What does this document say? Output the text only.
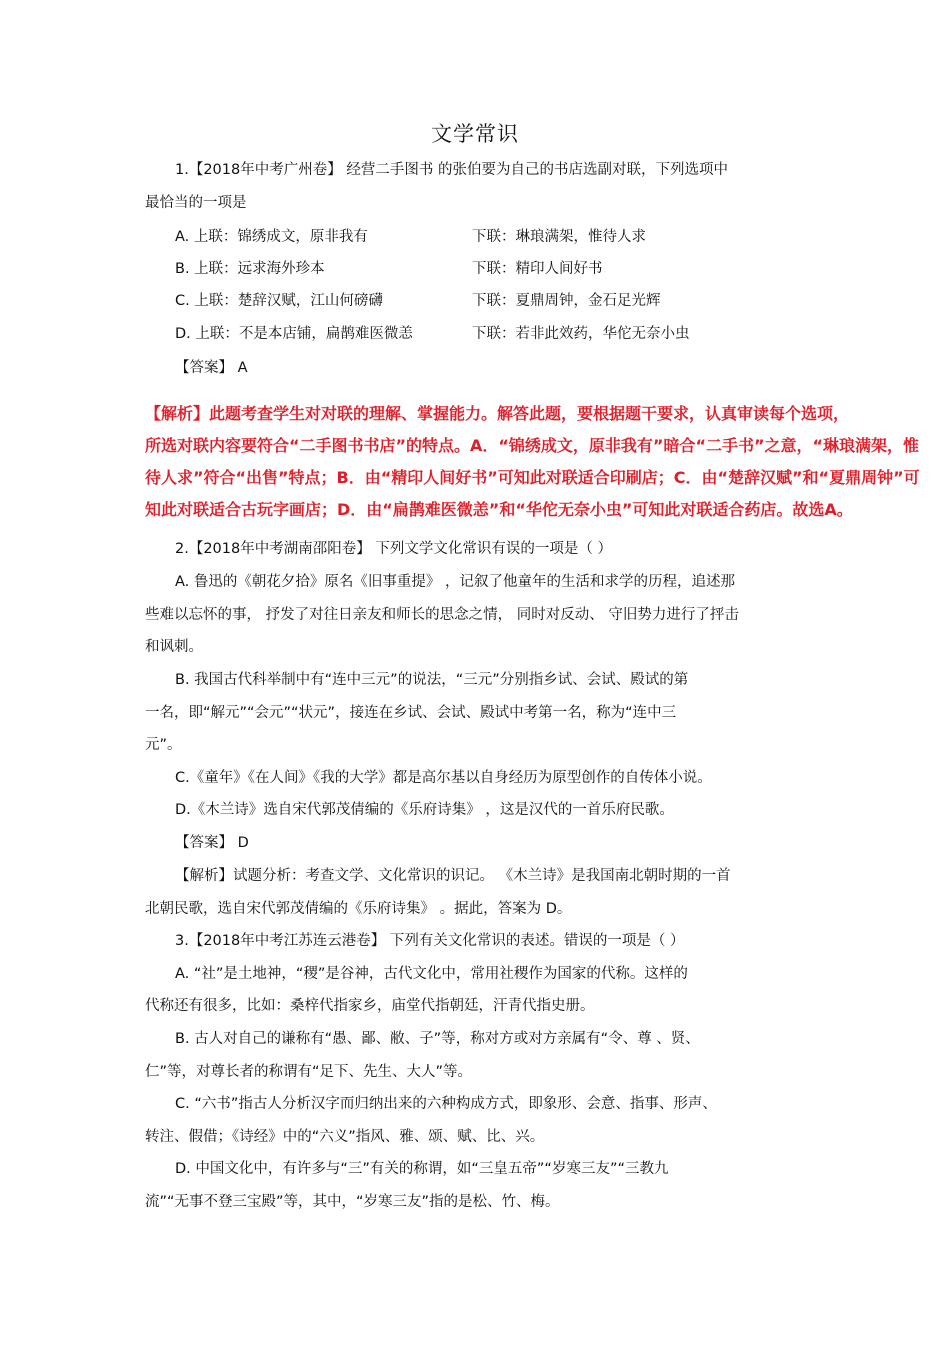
文学常识
1.【2018年中考广州卷】 经营二手图书 的张伯要为自己的书店选副对联，下列选项中
最恰当的一项是
A. 上联：锦绣成文，原非我有	下联：琳琅满架，惟待人求
B. 上联：远求海外珍本	下联：精印人间好书
C. 上联：楚辞汉赋，江山何磅礴	下联：夏鼎周钟，金石足光辉
D. 上联：不是本店铺，扁鹊难医微恙	下联：若非此效药，华佗无奈小虫
【答案】 A
【解析】此题考查学生对对联的理解、掌握能力。解答此题，要根据题干要求，认真审读每个选项，
所选对联内容要符合“二手图书书店”的特点。A．“锦绣成文，原非我有”暗合“二手书”之意，“琳琅满架，惟
待人求”符合“出售”特点；B．由“精印人间好书”可知此对联适合印刷店；C．由“楚辞汉赋”和“夏鼎周钟”可
知此对联适合古玩字画店；D．由“扁鹊难医微恙”和“华佗无奈小虫”可知此对联适合药店。故选A。
2.【2018年中考湖南邵阳卷】 下列文学文化常识有误的一项是（ ）
A. 鲁迅的《朝花夕拾》原名《旧事重提》 ，记叙了他童年的生活和求学的历程，追述那
些难以忘怀的事， 抒发了对往日亲友和师长的思念之情， 同时对反动、 守旧势力进行了抨击
和讽刺。
B. 我国古代科举制中有“连中三元”的说法，“三元”分别指乡试、会试、殿试的第
一名，即“解元”“会元”“状元”，接连在乡试、会试、殿试中考第一名，称为“连中三
元”。
C.《童年》《在人间》《我的大学》都是高尔基以自身经历为原型创作的自传体小说。
D.《木兰诗》选自宋代郭茂倩编的《乐府诗集》 ，这是汉代的一首乐府民歌。
【答案】 D
【解析】试题分析：考查文学、文化常识的识记。 《木兰诗》是我国南北朝时期的一首
北朝民歌，选自宋代郭茂倩编的《乐府诗集》 。据此，答案为 D。
3.【2018年中考江苏连云港卷】 下列有关文化常识的表述。错误的一项是（ ）
A. “社”是土地神，“稷”是谷神，古代文化中，常用社稷作为国家的代称。这样的
代称还有很多，比如：桑梓代指家乡，庙堂代指朝廷，汗青代指史册。
B. 古人对自己的谦称有“愚、鄙、敝、子”等，称对方或对方亲属有“令、尊 、贤、
仁”等，对尊长者的称谓有“足下、先生、大人”等。
C. “六书”指古人分析汉字而归纳出来的六种构成方式，即象形、会意、指事、形声、
转注、假借；《诗经》中的“六义”指风、雅、颂、赋、比、兴。
D. 中国文化中，有许多与“三”有关的称谓，如“三皇五帝”“岁寒三友”“三教九
流”“无事不登三宝殿”等，其中，“岁寒三友”指的是松、竹、梅。
